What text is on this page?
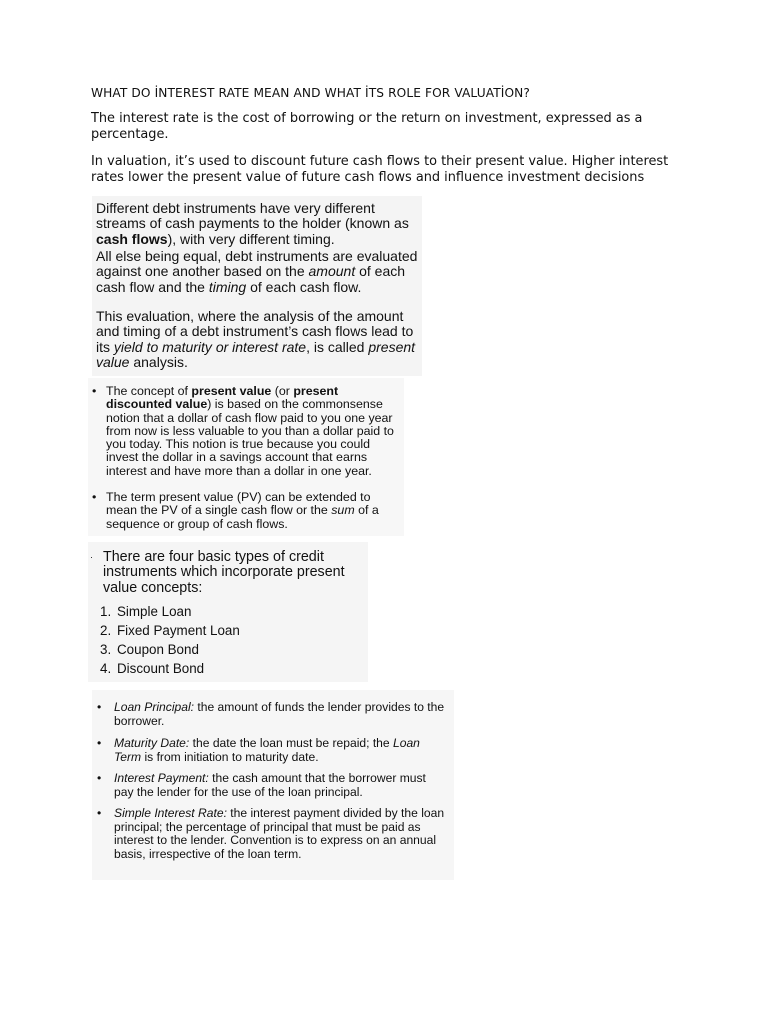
WHAT DO İNTEREST RATE MEAN AND WHAT İTS ROLE FOR VALUATİON?

The interest rate is the cost of borrowing or the return on investment, expressed as a percentage.

In valuation, it’s used to discount future cash flows to their present value. Higher interest rates lower the present value of future cash flows and influence investment decisions

Different debt instruments have very different streams of cash payments to the holder (known as cash flows), with very different timing.

All else being equal, debt instruments are evaluated against one another based on the amount of each cash flow and the timing of each cash flow.

This evaluation, where the analysis of the amount and timing of a debt instrument’s cash flows lead to its yield to maturity or interest rate, is called present value analysis.

• The concept of present value (or present discounted value) is based on the commonsense notion that a dollar of cash flow paid to you one year from now is less valuable to you than a dollar paid to you today. This notion is true because you could invest the dollar in a savings account that earns interest and have more than a dollar in one year.
• The term present value (PV) can be extended to mean the PV of a single cash flow or the sum of a sequence or group of cash flows.
· There are four basic types of credit instruments which incorporate present value concepts:
1. Simple Loan
2. Fixed Payment Loan
3. Coupon Bond
4. Discount Bond
•	Loan Principal: the amount of funds the lender provides to the borrower.
•	Maturity Date: the date the loan must be repaid; the Loan Term is from initiation to maturity date.
•	Interest Payment: the cash amount that the borrower must pay the lender for the use of the loan principal.
•	Simple Interest Rate: the interest payment divided by the loan principal; the percentage of principal that must be paid as interest to the lender. Convention is to express on an annual basis, irrespective of the loan term.
